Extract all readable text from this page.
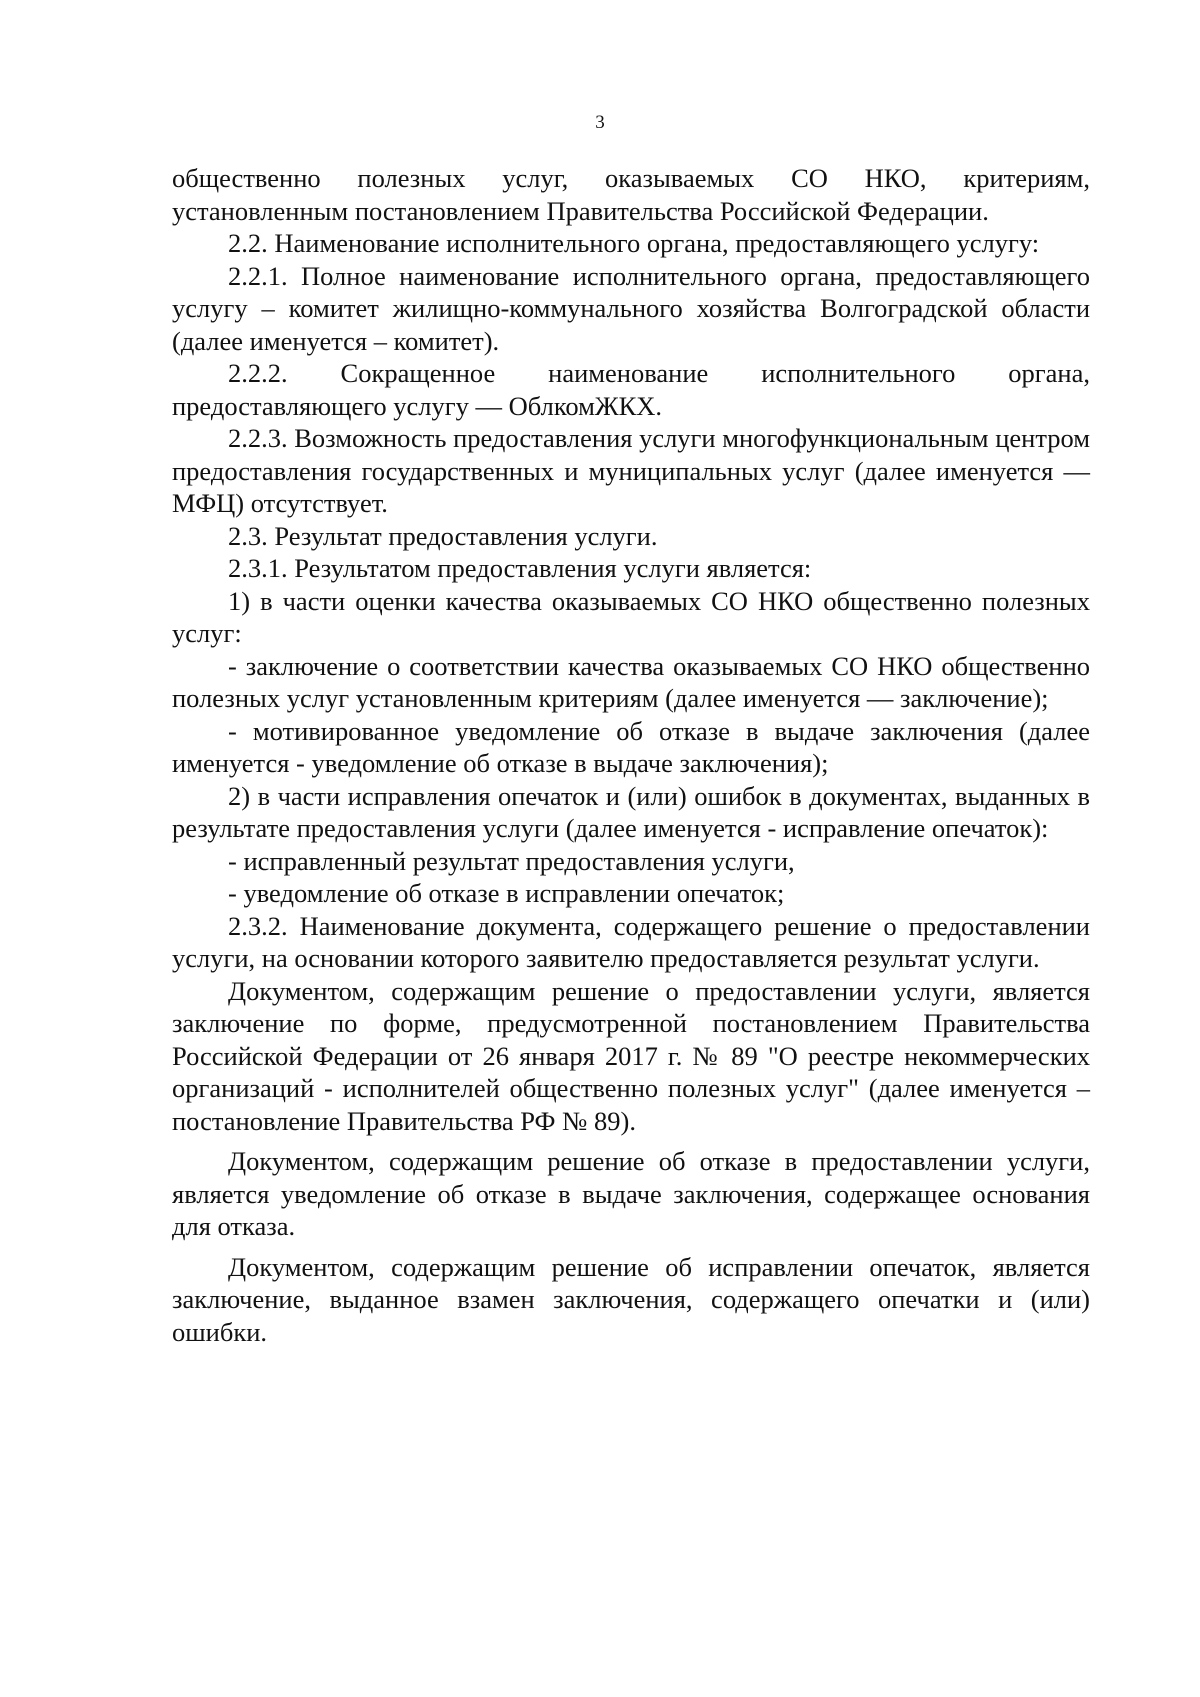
3

общественно полезных услуг, оказываемых СО НКО, критериям, установленным постановлением Правительства Российской Федерации.

2.2. Наименование исполнительного органа, предоставляющего услугу:

2.2.1. Полное наименование исполнительного органа, предоставляющего услугу – комитет жилищно-коммунального хозяйства Волгоградской области (далее именуется – комитет).

2.2.2. Сокращенное наименование исполнительного органа, предоставляющего услугу — ОблкомЖКХ.

2.2.3. Возможность предоставления услуги многофункциональным центром предоставления государственных и муниципальных услуг (далее именуется — МФЦ) отсутствует.

2.3. Результат предоставления услуги.

2.3.1. Результатом предоставления услуги является:

1) в части оценки качества оказываемых СО НКО общественно полезных услуг:

- заключение о соответствии качества оказываемых СО НКО общественно полезных услуг установленным критериям (далее именуется — заключение);

- мотивированное уведомление об отказе в выдаче заключения (далее именуется - уведомление об отказе в выдаче заключения);

2) в части исправления опечаток и (или) ошибок в документах, выданных в результате предоставления услуги (далее именуется - исправление опечаток):

- исправленный результат предоставления услуги,

- уведомление об отказе в исправлении опечаток;

2.3.2. Наименование документа, содержащего решение о предоставлении услуги, на основании которого заявителю предоставляется результат услуги.

Документом, содержащим решение о предоставлении услуги, является заключение по форме, предусмотренной постановлением Правительства Российской Федерации от 26 января 2017 г. № 89 "О реестре некоммерческих организаций - исполнителей общественно полезных услуг" (далее именуется – постановление Правительства РФ № 89).

Документом, содержащим решение об отказе в предоставлении услуги, является уведомление об отказе в выдаче заключения, содержащее основания для отказа.

Документом, содержащим решение об исправлении опечаток, является заключение, выданное взамен заключения, содержащего опечатки и (или) ошибки.
